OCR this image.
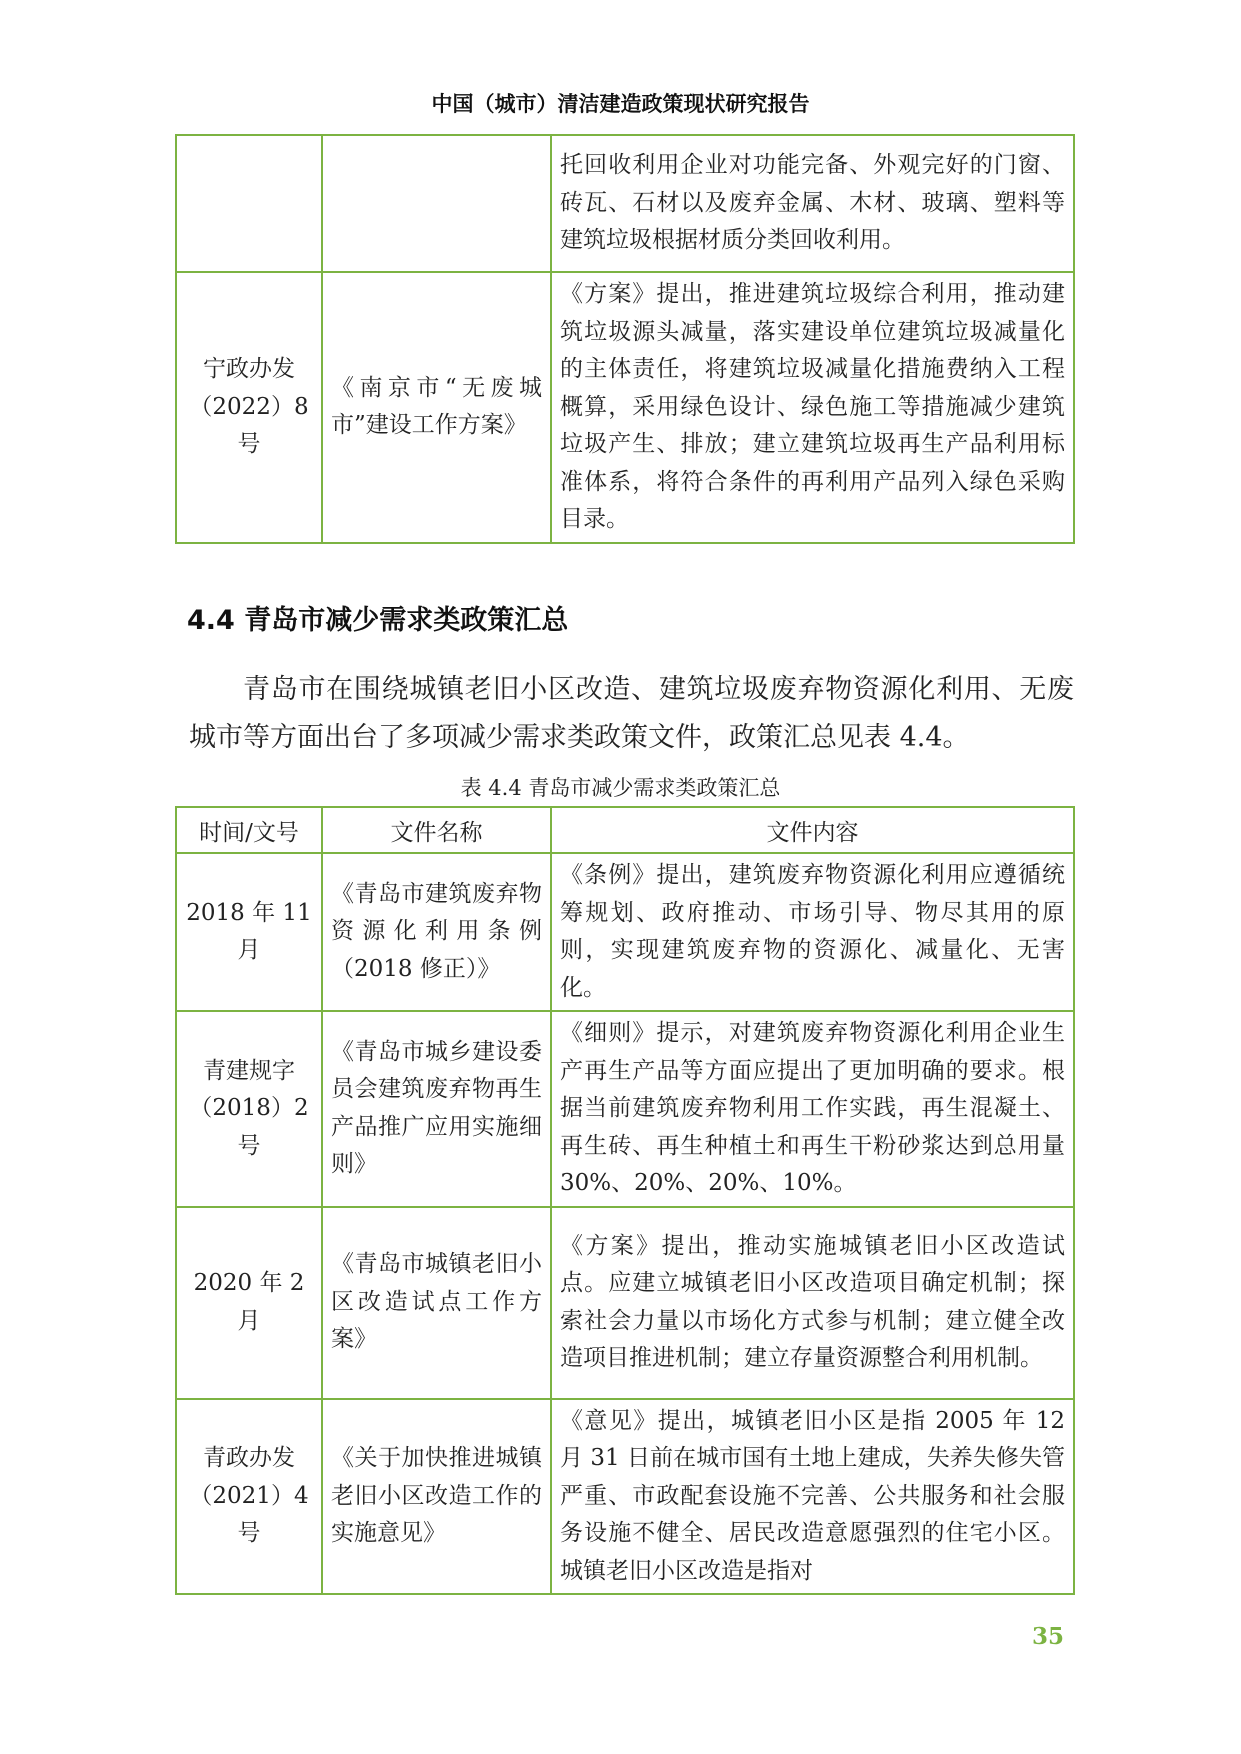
中国（城市）清洁建造政策现状研究报告

		托回收利用企业对功能完备、外观完好的门窗、砖瓦、石材以及废弃金属、木材、玻璃、塑料等建筑垃圾根据材质分类回收利用。

宁政办发（2022）8号	《南京市“无废城市”建设工作方案》	《方案》提出，推进建筑垃圾综合利用，推动建筑垃圾源头减量，落实建设单位建筑垃圾减量化的主体责任，将建筑垃圾减量化措施费纳入工程概算，采用绿色设计、绿色施工等措施减少建筑垃圾产生、排放；建立建筑垃圾再生产品利用标准体系，将符合条件的再利用产品列入绿色采购目录。
4.4 青岛市减少需求类政策汇总
青岛市在围绕城镇老旧小区改造、建筑垃圾废弃物资源化利用、无废城市等方面出台了多项减少需求类政策文件，政策汇总见表 4.4。
表 4.4 青岛市减少需求类政策汇总
时间/文号	文件名称	文件内容

2018 年 11 月	《青岛市建筑废弃物资源化利用条例（2018 修正）》	《条例》提出，建筑废弃物资源化利用应遵循统筹规划、政府推动、市场引导、物尽其用的原则，实现建筑废弃物的资源化、减量化、无害化。

青建规字（2018）2号	《青岛市城乡建设委员会建筑废弃物再生产品推广应用实施细则》	《细则》提示，对建筑废弃物资源化利用企业生产再生产品等方面应提出了更加明确的要求。根据当前建筑废弃物利用工作实践，再生混凝土、再生砖、再生种植土和再生干粉砂浆达到总用量 30%、20%、20%、10%。

2020 年 2 月	《青岛市城镇老旧小区改造试点工作方案》	《方案》提出，推动实施城镇老旧小区改造试点。应建立城镇老旧小区改造项目确定机制；探索社会力量以市场化方式参与机制；建立健全改造项目推进机制；建立存量资源整合利用机制。

青政办发（2021）4号	《关于加快推进城镇老旧小区改造工作的实施意见》	《意见》提出，城镇老旧小区是指 2005 年 12 月 31 日前在城市国有土地上建成，失养失修失管严重、市政配套设施不完善、公共服务和社会服务设施不健全、居民改造意愿强烈的住宅小区。城镇老旧小区改造是指对
35
